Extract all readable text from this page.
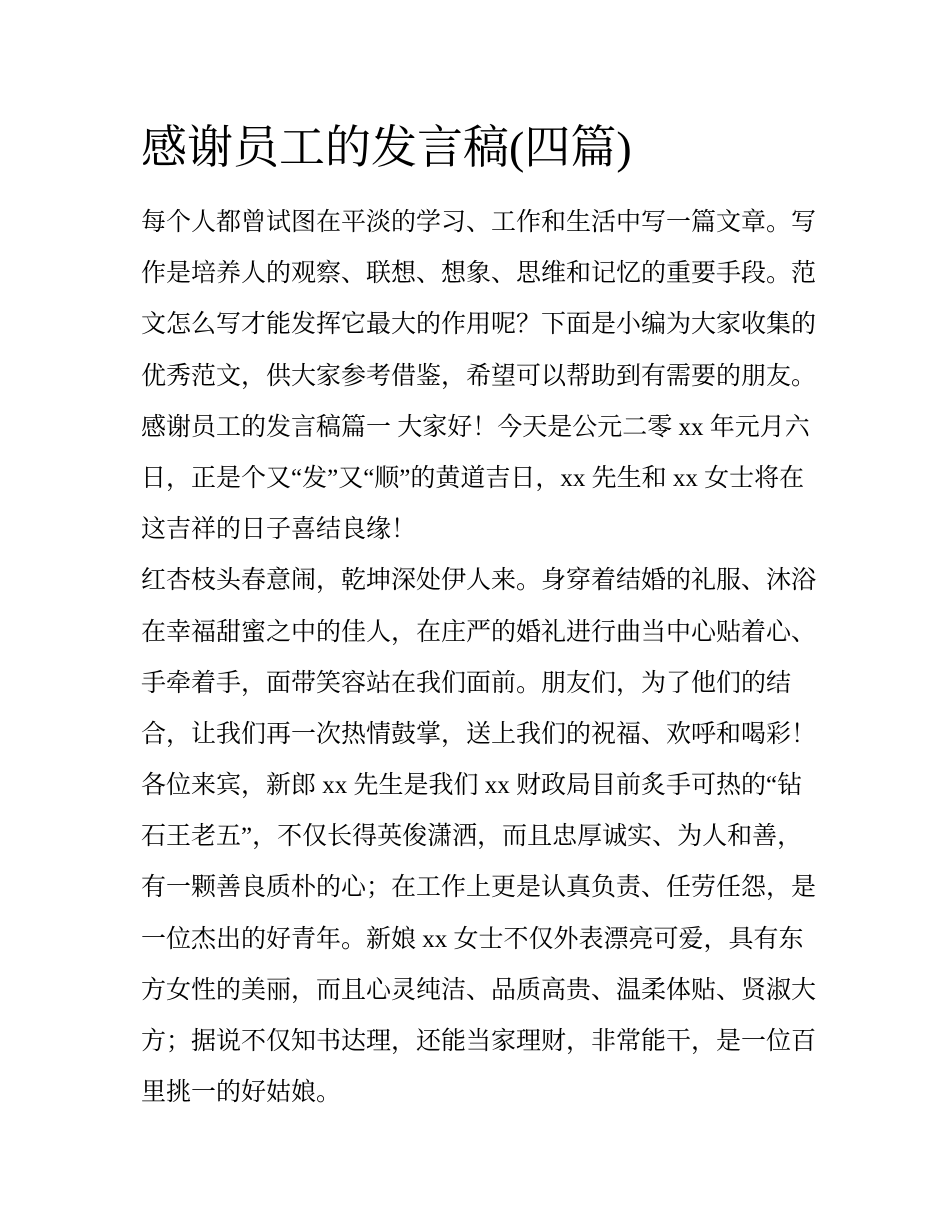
感谢员工的发言稿(四篇)
每个人都曾试图在平淡的学习、工作和生活中写一篇文章。写
作是培养人的观察、联想、想象、思维和记忆的重要手段。范
文怎么写才能发挥它最大的作用呢？下面是小编为大家收集的
优秀范文，供大家参考借鉴，希望可以帮助到有需要的朋友。
感谢员工的发言稿篇一 大家好！今天是公元二零 xx 年元月六
日，正是个又“发”又“顺”的黄道吉日，xx 先生和 xx 女士将在
这吉祥的日子喜结良缘！
红杏枝头春意闹，乾坤深处伊人来。身穿着结婚的礼服、沐浴
在幸福甜蜜之中的佳人，在庄严的婚礼进行曲当中心贴着心、
手牵着手，面带笑容站在我们面前。朋友们，为了他们的结
合，让我们再一次热情鼓掌，送上我们的祝福、欢呼和喝彩！
各位来宾，新郎 xx 先生是我们 xx 财政局目前炙手可热的“钻
石王老五”，不仅长得英俊潇洒，而且忠厚诚实、为人和善，
有一颗善良质朴的心；在工作上更是认真负责、任劳任怨，是
一位杰出的好青年。新娘 xx 女士不仅外表漂亮可爱，具有东
方女性的美丽，而且心灵纯洁、品质高贵、温柔体贴、贤淑大
方；据说不仅知书达理，还能当家理财，非常能干，是一位百
里挑一的好姑娘。
